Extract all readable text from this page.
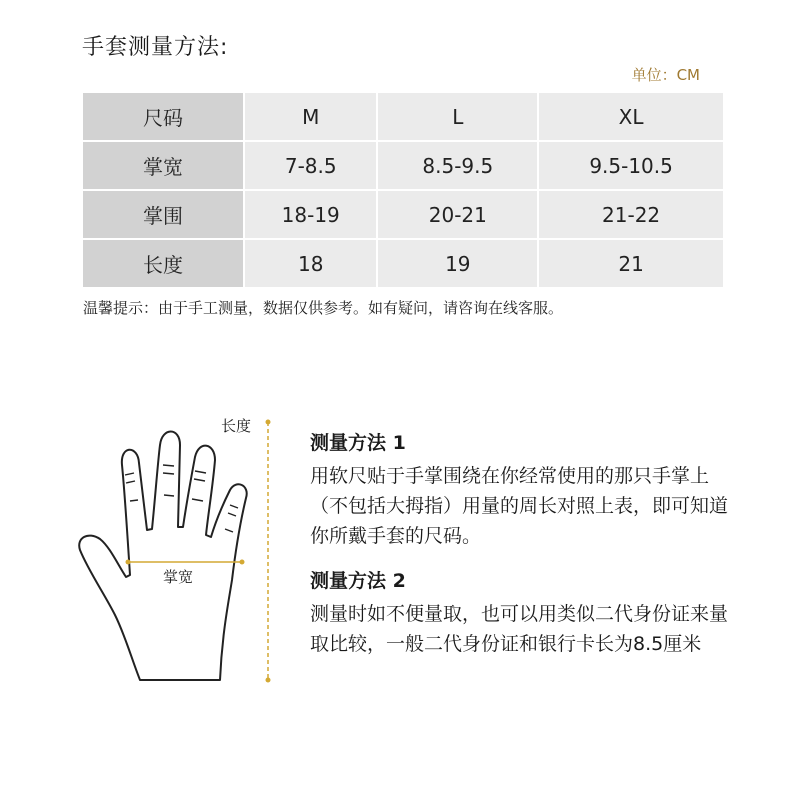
手套测量方法:
单位：CM
尺码	M	L	XL
掌宽	7-8.5	8.5-9.5	9.5-10.5
掌围	18-19	20-21	21-22
长度	18	19	21
温馨提示：由于手工测量，数据仅供参考。如有疑问，请咨询在线客服。
长度
掌宽
测量方法 1

用软尺贴于手掌围绕在你经常使用的那只手掌上（不包括大拇指）用量的周长对照上表，即可知道你所戴手套的尺码。

测量方法 2

测量时如不便量取，也可以用类似二代身份证来量取比较，一般二代身份证和银行卡长为8.5厘米
